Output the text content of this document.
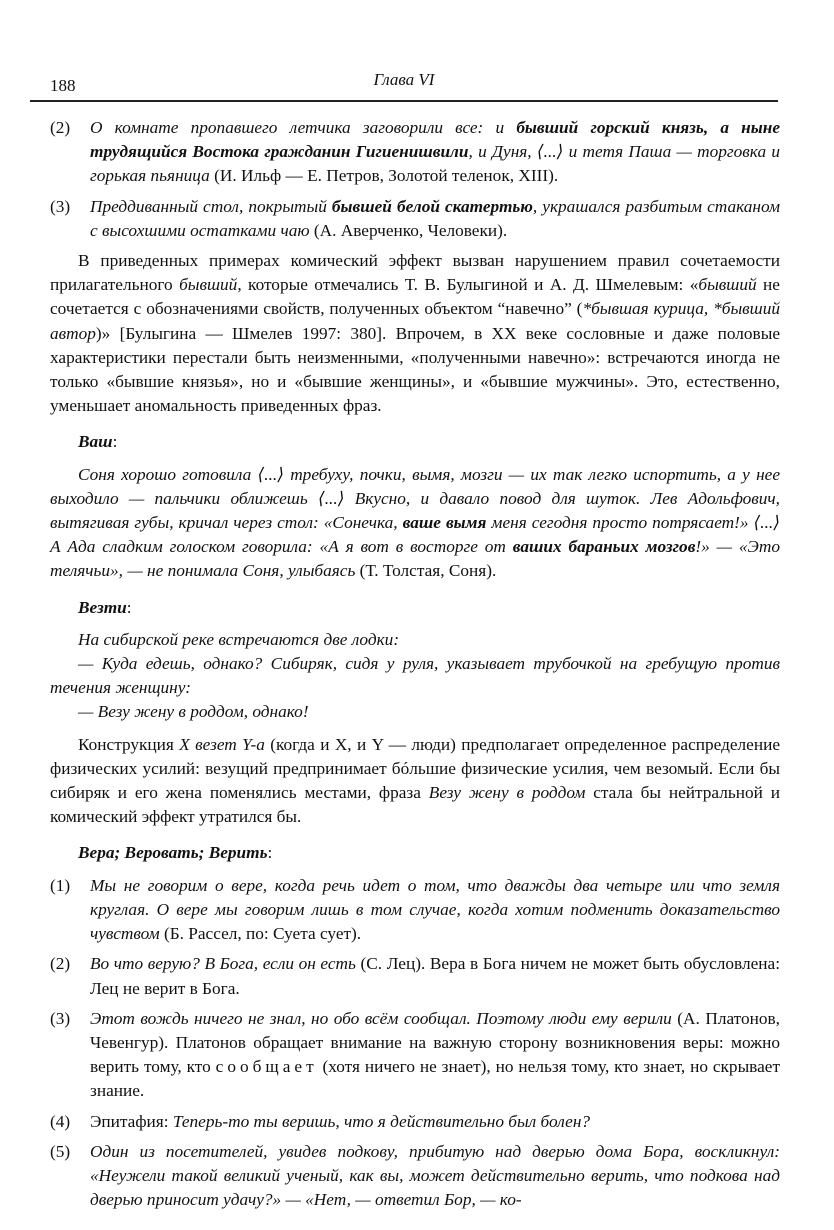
188	Глава VI
(2)	О комнате пропавшего летчика заговорили все: и бывший горский князь, а ныне трудящийся Востока гражданин Гигиенишвили, и Дуня, ⟨...⟩ и тетя Паша — торговка и горькая пьяница (И. Ильф — Е. Петров, Золотой теленок, XIII).
(3)	Преддиванный стол, покрытый бывшей белой скатертью, украшался разбитым стаканом с высохшими остатками чаю (А. Аверченко, Человеки).

В приведенных примерах комический эффект вызван нарушением правил сочетаемости прилагательного бывший, которые отмечались Т. В. Булыгиной и А. Д. Шмелевым: «бывший не сочетается с обозначениями свойств, полученных объектом “навечно” (*бывшая курица, *бывший автор)» [Булыгина — Шмелев 1997: 380]. Впрочем, в XX веке сословные и даже половые характеристики перестали быть неизменными, «полученными навечно»: встречаются иногда не только «бывшие князья», но и «бывшие женщины», и «бывшие мужчины». Это, естественно, уменьшает аномальность приведенных фраз.

Ваш:

Соня хорошо готовила ⟨...⟩ требуху, почки, вымя, мозги — их так легко испортить, а у нее выходило — пальчики оближешь ⟨...⟩ Вкусно, и давало повод для шуток. Лев Адольфович, вытягивая губы, кричал через стол: «Сонечка, ваше вымя меня сегодня просто потрясает!» ⟨...⟩ А Ада сладким голоском говорила: «А я вот в восторге от ваших бараньих мозгов!» — «Это телячьи», — не понимала Соня, улыбаясь (Т. Толстая, Соня).

Везти:

На сибирской реке встречаются две лодки:

— Куда едешь, однако? Сибиряк, сидя у руля, указывает трубочкой на гребущую против течения женщину:

— Везу жену в роддом, однако!

Конструкция X везет Y-а (когда и X, и Y — люди) предполагает определенное распределение физических усилий: везущий предпринимает бóльшие физические усилия, чем везомый. Если бы сибиряк и его жена поменялись местами, фраза Везу жену в роддом стала бы нейтральной и комический эффект утратился бы.

Вера; Веровать; Верить:
(1)	Мы не говорим о вере, когда речь идет о том, что дважды два четыре или что земля круглая. О вере мы говорим лишь в том случае, когда хотим подменить доказательство чувством (Б. Рассел, по: Суета сует).
(2)	Во что верую? В Бога, если он есть (С. Лец). Вера в Бога ничем не может быть обусловлена: Лец не верит в Бога.
(3)	Этот вождь ничего не знал, но обо всём сообщал. Поэтому люди ему верили (А. Платонов, Чевенгур). Платонов обращает внимание на важную сторону возникновения веры: можно верить тому, кто сообщает (хотя ничего не знает), но нельзя тому, кто знает, но скрывает знание.
(4)	Эпитафия: Теперь-то ты веришь, что я действительно был болен?
(5)	Один из посетителей, увидев подкову, прибитую над дверью дома Бора, воскликнул: «Неужели такой великий ученый, как вы, может действительно верить, что подкова над дверью приносит удачу?» — «Нет, — ответил Бор, — ко-
